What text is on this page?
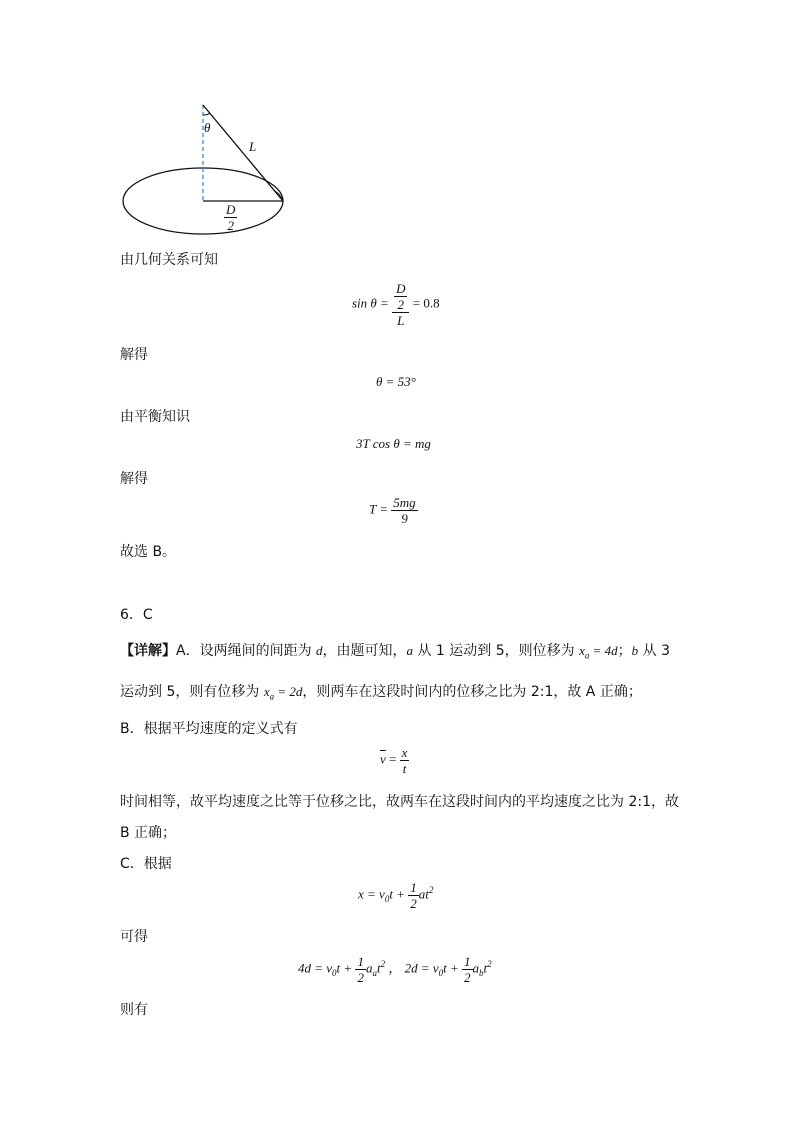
θ
L
$\frac{D}{2}$
由几何关系可知
$\sin \theta = \frac{\frac{D}{2}}{L} = 0.8$
解得
θ = 53°
由平衡知识
3T cos θ = mg
解得
$T = \frac{5mg}{9}$
故选 B。
6．C
【详解】A．设两绳间的间距为 d，由题可知，a 从 1 运动到 5，则位移为 $x_a = 4d$；b 从 3
运动到 5，则有位移为 $x_a = 2d$，则两车在这段时间内的位移之比为 2:1，故 A 正确；
B．根据平均速度的定义式有
$\overline{v} = \frac{x}{t}$
时间相等，故平均速度之比等于位移之比，故两车在这段时间内的平均速度之比为 2:1，故
B 正确；
C．根据
$x = v_0t + \frac{1}{2} at^2$
可得
$4d = v_0t + \frac{1}{2} a_at^2$ ， $2d = v_0t + \frac{1}{2} a_bt^2$
则有
